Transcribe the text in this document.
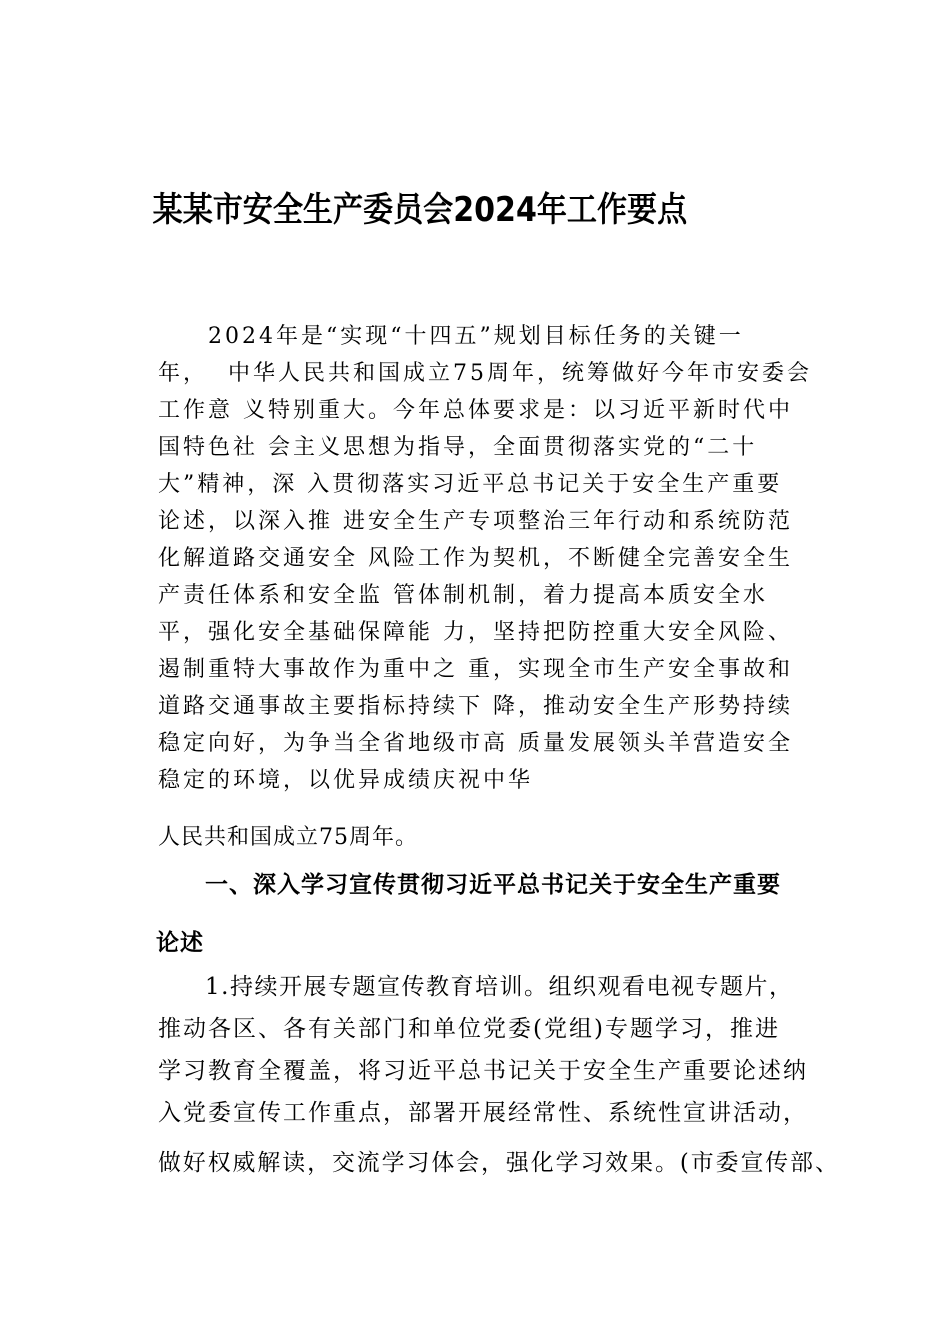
某某市安全生产委员会2024年工作要点
　　2024年是“实现“十四五”规划目标任务的关键一
年，  中华人民共和国成立75周年，统筹做好今年市安委会
工作意 义特别重大。今年总体要求是：以习近平新时代中
国特色社 会主义思想为指导，全面贯彻落实党的“二十
大”精神，深 入贯彻落实习近平总书记关于安全生产重要
论述，以深入推 进安全生产专项整治三年行动和系统防范
化解道路交通安全 风险工作为契机，不断健全完善安全生
产责任体系和安全监 管体制机制，着力提高本质安全水
平，强化安全基础保障能 力，坚持把防控重大安全风险、
遏制重特大事故作为重中之 重，实现全市生产安全事故和
道路交通事故主要指标持续下 降，推动安全生产形势持续
稳定向好，为争当全省地级市高 质量发展领头羊营造安全
稳定的环境，以优异成绩庆祝中华
人民共和国成立75周年。
一、深入学习宣传贯彻习近平总书记关于安全生产重要
论述
1.持续开展专题宣传教育培训。组织观看电视专题片，
推动各区、各有关部门和单位党委(党组)专题学习，推进
学习教育全覆盖，将习近平总书记关于安全生产重要论述纳
入党委宣传工作重点，部署开展经常性、系统性宣讲活动，
做好权威解读，交流学习体会，强化学习效果。(市委宣传部、
